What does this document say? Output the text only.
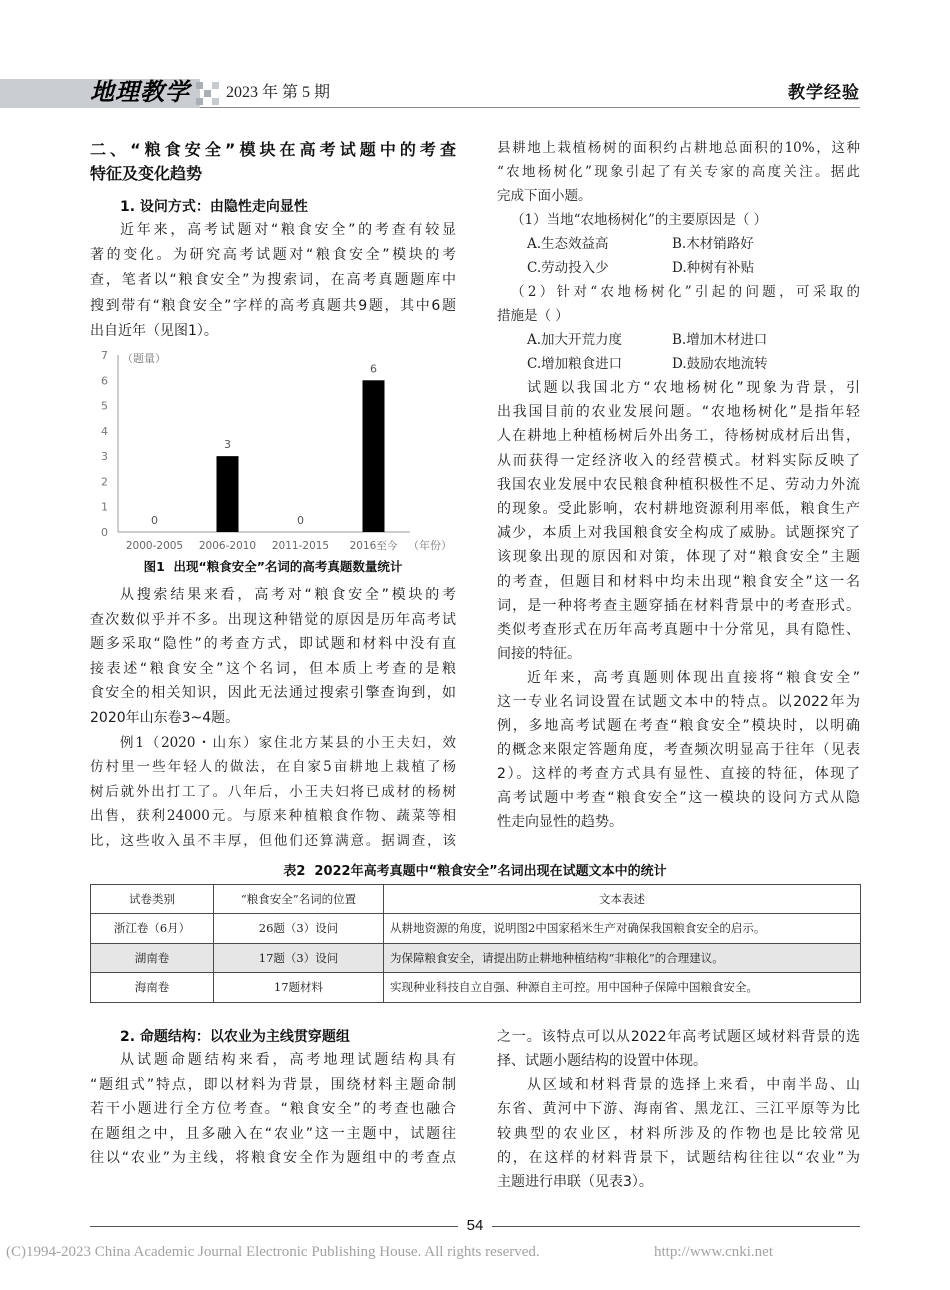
地理教学 2023 年 第 5 期	教学经验
二、“粮食安全”模块在高考试题中的考查
特征及变化趋势
1. 设问方式：由隐性走向显性
近年来，高考试题对“粮食安全”的考查有较显
著的变化。为研究高考试题对“粮食安全”模块的考
查，笔者以“粮食安全”为搜索词，在高考真题题库中
搜到带有“粮食安全”字样的高考真题共9题，其中6题
出自近年（见图1）。
0
1
2
3
4
5
6
7
0
2000-2005
3
2006-2010
0
2011-2015
6
2016至今
（题量）
（年份）
图1  出现“粮食安全”名词的高考真题数量统计
从搜索结果来看，高考对“粮食安全”模块的考
查次数似乎并不多。出现这种错觉的原因是历年高考试
题多采取“隐性”的考查方式，即试题和材料中没有直
接表述“粮食安全”这个名词，但本质上考查的是粮
食安全的相关知识，因此无法通过搜索引擎查询到，如
2020年山东卷3~4题。
例1（2020・山东）家住北方某县的小王夫妇，效
仿村里一些年轻人的做法，在自家5亩耕地上栽植了杨
树后就外出打工了。八年后，小王夫妇将已成材的杨树
出售，获利24000元。与原来种植粮食作物、蔬菜等相
比，这些收入虽不丰厚，但他们还算满意。据调查，该
县耕地上栽植杨树的面积约占耕地总面积的10%，这种
“农地杨树化”现象引起了有关专家的高度关注。据此
完成下面小题。
（1）当地“农地杨树化”的主要原因是（ ）
A.生态效益高	B.木材销路好
C.劳动投入少	D.种树有补贴
（2）针对“农地杨树化”引起的问题，可采取的
措施是（ ）
A.加大开荒力度	B.增加木材进口
C.增加粮食进口	D.鼓励农地流转
试题以我国北方“农地杨树化”现象为背景，引
出我国目前的农业发展问题。“农地杨树化”是指年轻
人在耕地上种植杨树后外出务工，待杨树成材后出售，
从而获得一定经济收入的经营模式。材料实际反映了
我国农业发展中农民粮食种植积极性不足、劳动力外流
的现象。受此影响，农村耕地资源利用率低，粮食生产
减少，本质上对我国粮食安全构成了威胁。试题探究了
该现象出现的原因和对策，体现了对“粮食安全”主题
的考查，但题目和材料中均未出现“粮食安全”这一名
词，是一种将考查主题穿插在材料背景中的考查形式。
类似考查形式在历年高考真题中十分常见，具有隐性、
间接的特征。
近年来，高考真题则体现出直接将“粮食安全”
这一专业名词设置在试题文本中的特点。以2022年为
例，多地高考试题在考查“粮食安全”模块时，以明确
的概念来限定答题角度，考查频次明显高于往年（见表
2）。这样的考查方式具有显性、直接的特征，体现了
高考试题中考查“粮食安全”这一模块的设问方式从隐
性走向显性的趋势。
表2  2022年高考真题中“粮食安全”名词出现在试题文本中的统计
试卷类别	“粮食安全”名词的位置	文本表述
浙江卷（6月）	26题（3）设问	从耕地资源的角度，说明图2中国家稻米生产对确保我国粮食安全的启示。
湖南卷	17题（3）设问	为保障粮食安全，请提出防止耕地种植结构“非粮化”的合理建议。
海南卷	17题材料	实现种业科技自立自强、种源自主可控。用中国种子保障中国粮食安全。
2. 命题结构：以农业为主线贯穿题组
从试题命题结构来看，高考地理试题结构具有
“题组式”特点，即以材料为背景，围绕材料主题命制
若干小题进行全方位考查。“粮食安全”的考查也融合
在题组之中，且多融入在“农业”这一主题中，试题往
往以“农业”为主线，将粮食安全作为题组中的考查点
之一。该特点可以从2022年高考试题区域材料背景的选
择、试题小题结构的设置中体现。
从区域和材料背景的选择上来看，中南半岛、山
东省、黄河中下游、海南省、黑龙江、三江平原等为比
较典型的农业区，材料所涉及的作物也是比较常见
的，在这样的材料背景下，试题结构往往以“农业”为
主题进行串联（见表3）。
54
(C)1994-2023 China Academic Journal Electronic Publishing House. All rights reserved.	http://www.cnki.net
